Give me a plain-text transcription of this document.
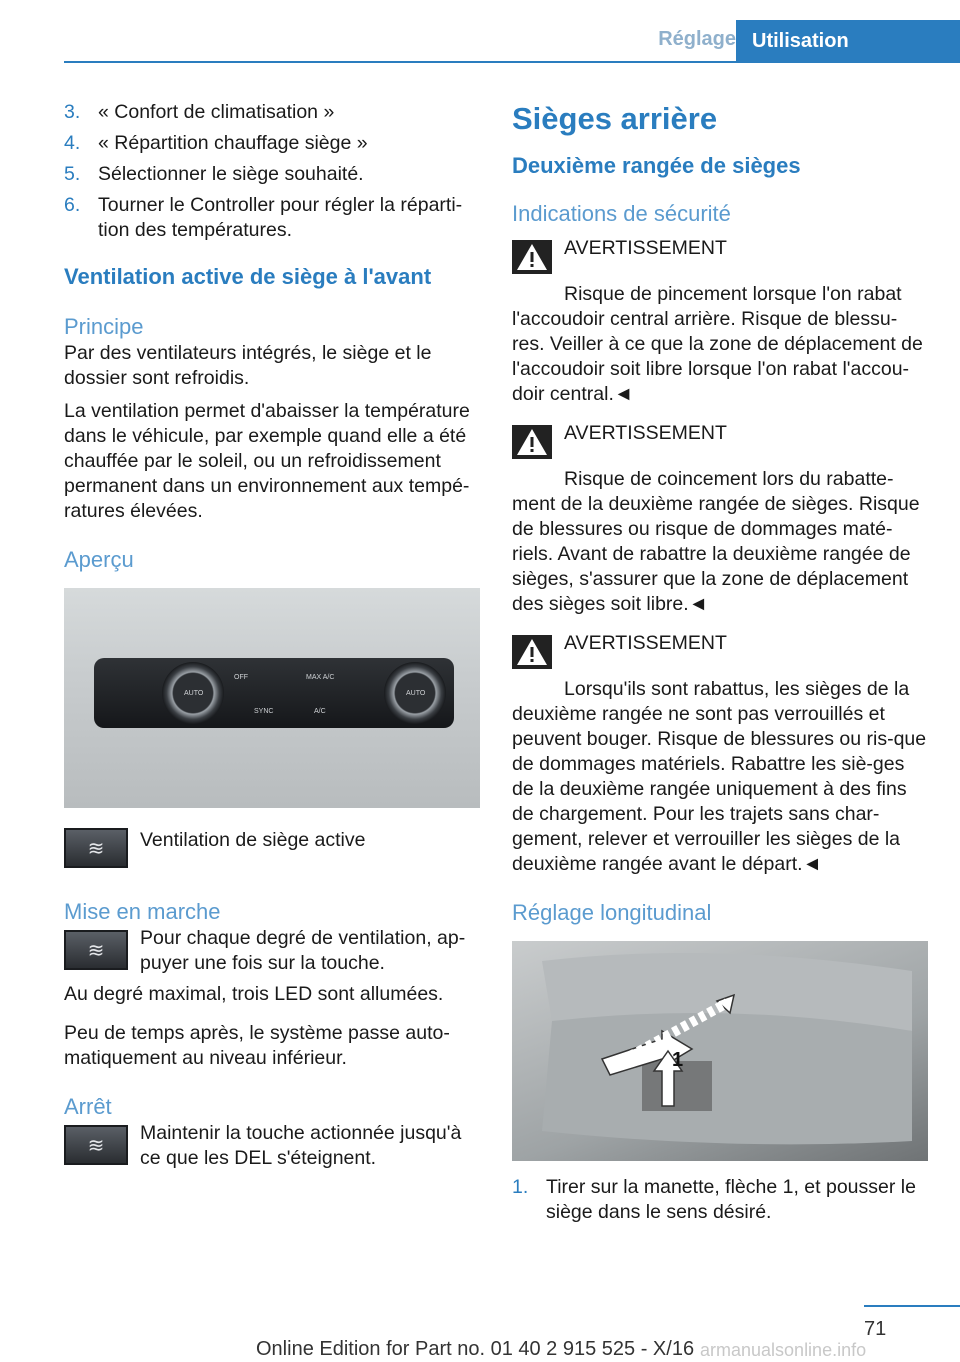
Réglage Utilisation
3. « Confort de climatisation »
4. « Répartition chauffage siège »
5. Sélectionner le siège souhaité.
6. Tourner le Controller pour régler la réparti-tion des températures.
Ventilation active de siège à l'avant
Principe

Par des ventilateurs intégrés, le siège et le dossier sont refroidis.

La ventilation permet d'abaisser la température dans le véhicule, par exemple quand elle a été chauffée par le soleil, ou un refroidissement permanent dans un environnement aux tempé-ratures élevées.

Aperçu
AUTO	AUTO
OFF	MAX A/C
SYNC	A/C
≋	Ventilation de siège active

Mise en marche
≋

Pour chaque degré de ventilation, ap-puyer une fois sur la touche.

Au degré maximal, trois LED sont allumées.

Peu de temps après, le système passe auto-matiquement au niveau inférieur.

Arrêt
≋

Maintenir la touche actionnée jusqu'à ce que les DEL s'éteignent.

Sièges arrière
Deuxième rangée de sièges
Indications de sécurité

AVERTISSEMENT

Risque de pincement lorsque l'on rabat l'accoudoir central arrière. Risque de blessu-res. Veiller à ce que la zone de déplacement de l'accoudoir soit libre lorsque l'on rabat l'accou-doir central.◄

AVERTISSEMENT

Risque de coincement lors du rabatte-ment de la deuxième rangée de sièges. Risque de blessures ou risque de dommages maté-riels. Avant de rabattre la deuxième rangée de sièges, s'assurer que la zone de déplacement des sièges soit libre.◄

AVERTISSEMENT

Lorsqu'ils sont rabattus, les sièges de la deuxième rangée ne sont pas verrouillés et peuvent bouger. Risque de blessures ou ris-que de dommages matériels. Rabattre les siè-ges de la deuxième rangée uniquement à des fins de chargement. Pour les trajets sans char-gement, relever et verrouiller les sièges de la deuxième rangée avant le départ.◄

Réglage longitudinal
1
1. Tirer sur la manette, flèche 1, et pousser le siège dans le sens désiré.
71
Online Edition for Part no. 01 40 2 915 525 - X/16 armanualsonline.info
